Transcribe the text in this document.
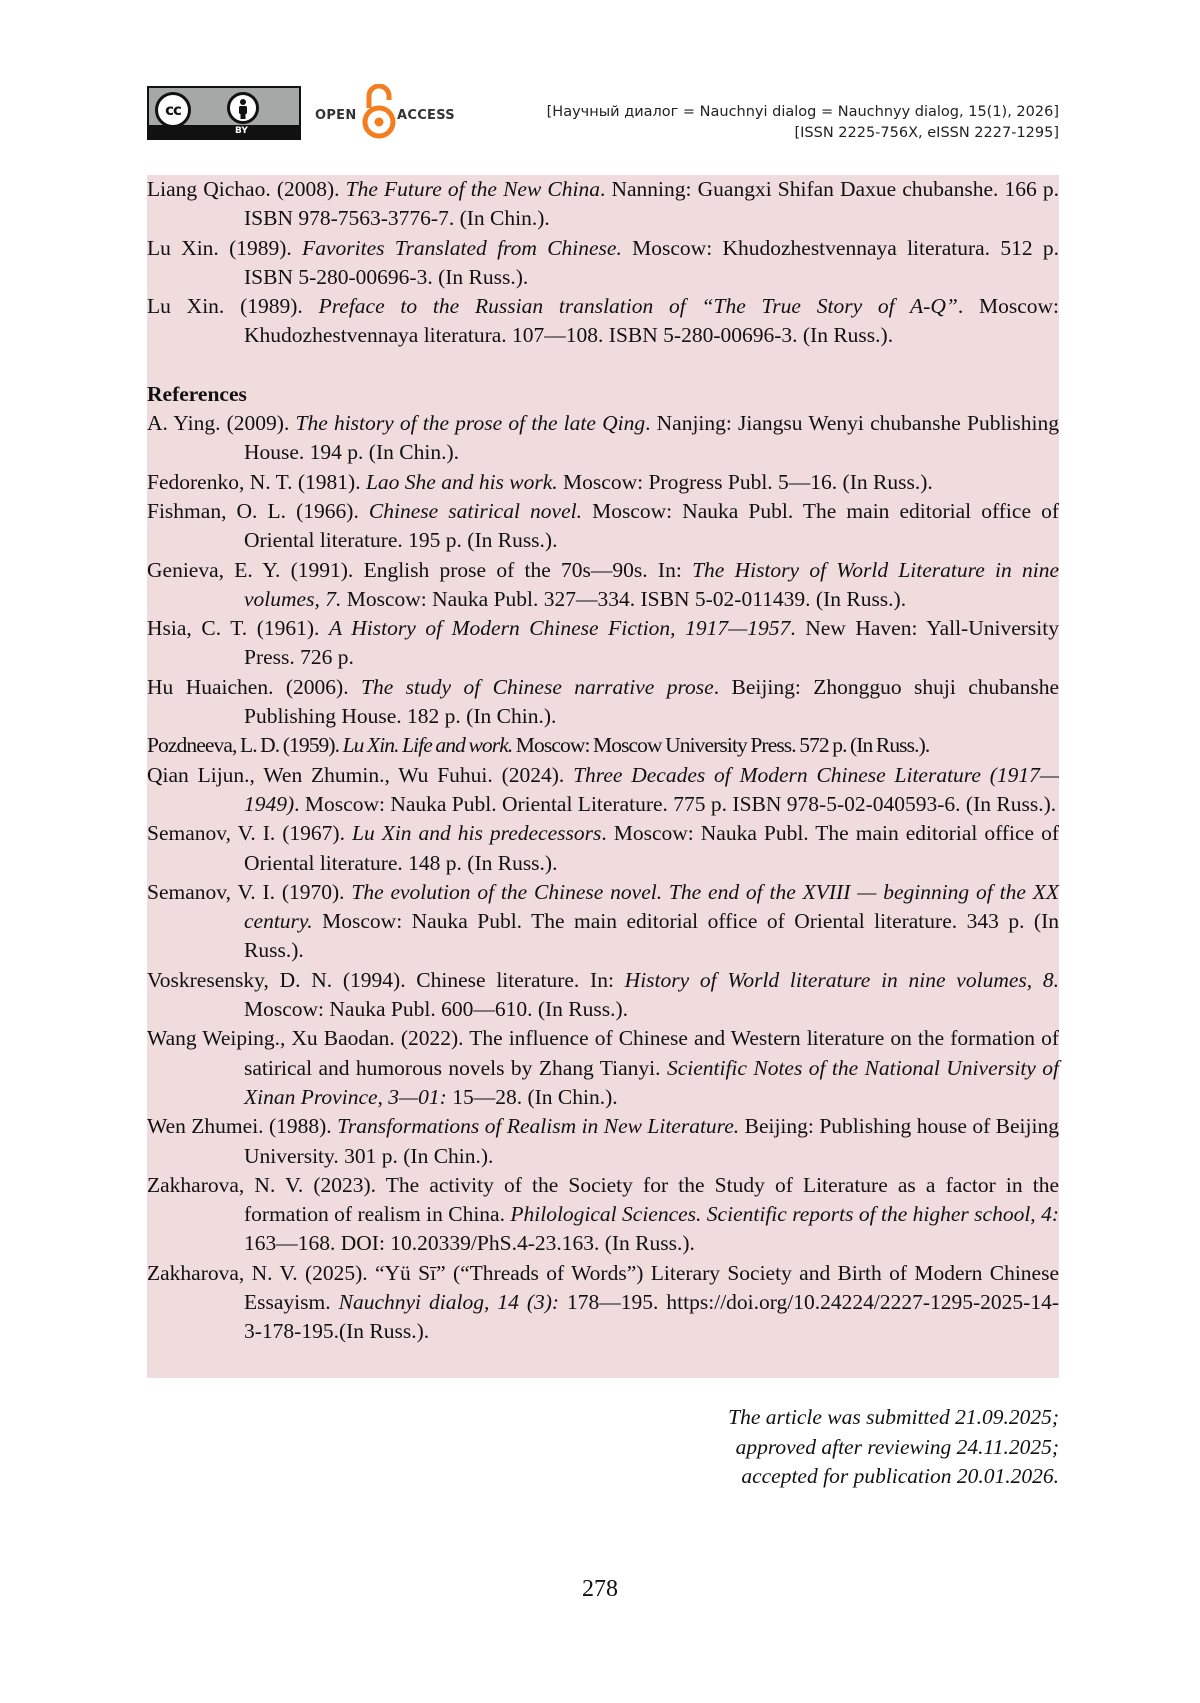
cc
BY
OPEN	ACCESS	[Научный диалог = Nauchnyi dialog = Nauchnyy dialog, 15(1), 2026]
[ISSN 2225-756X, eISSN 2227-1295]

Liang Qichao. (2008). The Future of the New China. Nanning: Guangxi Shifan Daxue chubanshe. 166 p. ISBN 978-7563-3776-7. (In Chin.).

Lu Xin. (1989). Favorites Translated from Chinese. Moscow: Khudozhestvennaya literatura. 512 p. ISBN 5-280-00696-3. (In Russ.).

Lu Xin. (1989). Preface to the Russian translation of “The True Story of A-Q”. Moscow: Khudozhestvennaya literatura. 107—108. ISBN 5-280-00696-3. (In Russ.).

References

A. Ying. (2009). The history of the prose of the late Qing. Nanjing: Jiangsu Wenyi chubanshe Publishing House. 194 p. (In Chin.).

Fedorenko, N. T. (1981). Lao She and his work. Moscow: Progress Publ. 5—16. (In Russ.).

Fishman, O. L. (1966). Chinese satirical novel. Moscow: Nauka Publ. The main editorial office of Oriental literature. 195 p. (In Russ.).

Genieva, E. Y. (1991). English prose of the 70s—90s. In: The History of World Literature in nine volumes, 7. Moscow: Nauka Publ. 327—334. ISBN 5-02-011439. (In Russ.).

Hsia, C. T. (1961). A History of Modern Chinese Fiction, 1917—1957. New Haven: Yall-University Press. 726 p.

Hu Huaichen. (2006). The study of Chinese narrative prose. Beijing: Zhongguo shuji chubanshe Publishing House. 182 p. (In Chin.).

Pozdneeva, L. D. (1959). Lu Xin. Life and work. Moscow: Moscow University Press. 572 p. (In Russ.).

Qian Lijun., Wen Zhumin., Wu Fuhui. (2024). Three Decades of Modern Chinese Literature (1917—1949). Moscow: Nauka Publ. Oriental Literature. 775 p. ISBN 978-5-02-040593-6. (In Russ.).

Semanov, V. I. (1967). Lu Xin and his predecessors. Moscow: Nauka Publ. The main editorial office of Oriental literature. 148 p. (In Russ.).

Semanov, V. I. (1970). The evolution of the Chinese novel. The end of the XVIII — beginning of the XX century. Moscow: Nauka Publ. The main editorial office of Oriental literature. 343 p. (In Russ.).

Voskresensky, D. N. (1994). Chinese literature. In: History of World literature in nine volumes, 8. Moscow: Nauka Publ. 600—610. (In Russ.).

Wang Weiping., Xu Baodan. (2022). The influence of Chinese and Western literature on the formation of satirical and humorous novels by Zhang Tianyi. Scientific Notes of the National University of Xinan Province, 3—01: 15—28. (In Chin.).

Wen Zhumei. (1988). Transformations of Realism in New Literature. Beijing: Publishing house of Beijing University. 301 p. (In Chin.).

Zakharova, N. V. (2023). The activity of the Society for the Study of Literature as a factor in the formation of realism in China. Philological Sciences. Scientific reports of the higher school, 4: 163—168. DOI: 10.20339/PhS.4-23.163. (In Russ.).

Zakharova, N. V. (2025). “Yü Sī” (“Threads of Words”) Literary Society and Birth of Modern Chinese Essayism. Nauchnyi dialog, 14 (3): 178—195. https://doi.org/10.24224/2227-1295-2025-14-3-178-195.(In Russ.).

The article was submitted 21.09.2025;
approved after reviewing 24.11.2025;
accepted for publication 20.01.2026.
278
